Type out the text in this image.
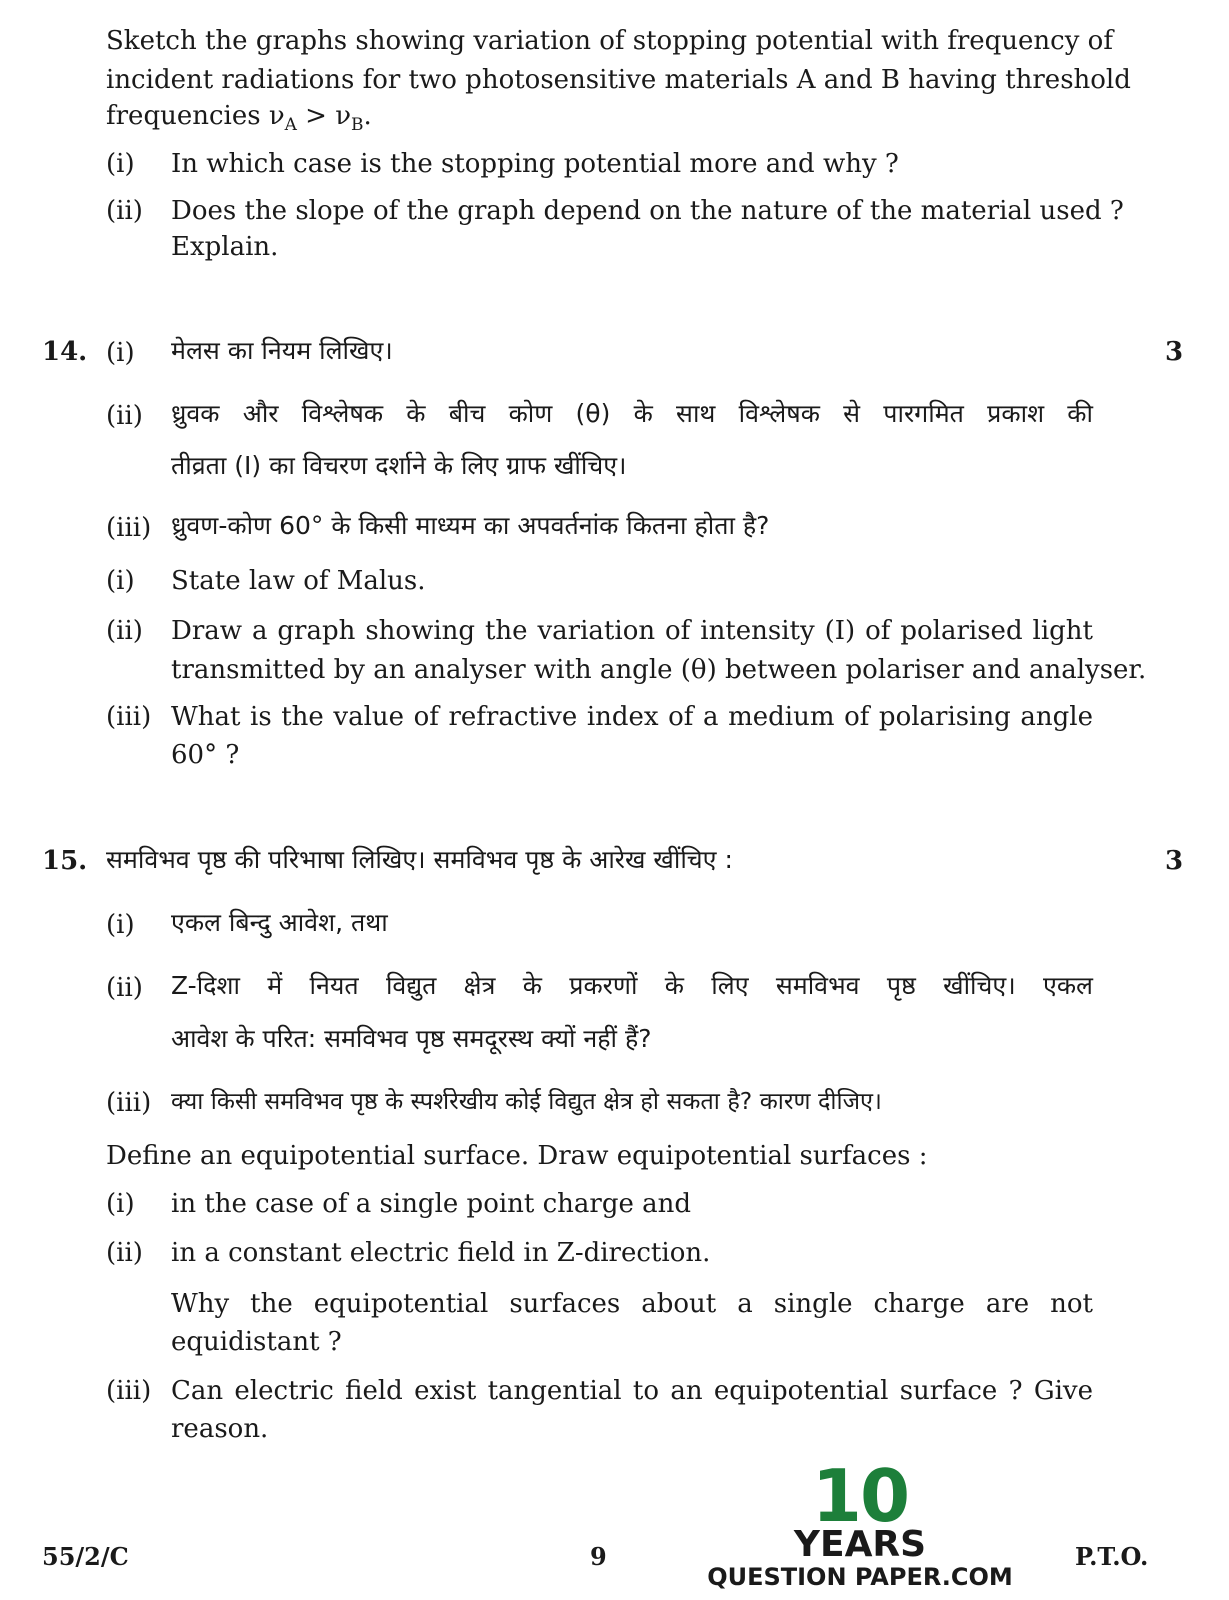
Sketch the graphs showing variation of stopping potential with frequency of
incident radiations for two photosensitive materials A and B having threshold
frequencies $\nu_A > \nu_B$.
(i) In which case is the stopping potential more and why ?
(ii) Does the slope of the graph depend on the nature of the material used ?
Explain.
14.	3
(i) मेलस का नियम लिखिए।
(ii) ध्रुवक और विश्लेषक के बीच कोण (θ) के साथ विश्लेषक से पारगमित प्रकाश की
तीव्रता (I) का विचरण दर्शाने के लिए ग्राफ खींचिए।
(iii) ध्रुवण-कोण 60° के किसी माध्यम का अपवर्तनांक कितना होता है?
(i) State law of Malus.
(ii) Draw a graph showing the variation of intensity (I) of polarised light
transmitted by an analyser with angle (θ) between polariser and analyser.
(iii) What is the value of refractive index of a medium of polarising angle
60° ?
15.	3
समविभव पृष्ठ की परिभाषा लिखिए। समविभव पृष्ठ के आरेख खींचिए :
(i) एकल बिन्दु आवेश, तथा
(ii) Z-दिशा में नियत विद्युत क्षेत्र के प्रकरणों के लिए समविभव पृष्ठ खींचिए। एकल
आवेश के परित: समविभव पृष्ठ समदूरस्थ क्यों नहीं हैं?
(iii) क्या किसी समविभव पृष्ठ के स्पर्शरेखीय कोई विद्युत क्षेत्र हो सकता है? कारण दीजिए।
Define an equipotential surface. Draw equipotential surfaces :
(i) in the case of a single point charge and
(ii) in a constant electric field in Z-direction.
Why the equipotential surfaces about a single charge are not
equidistant ?
(iii) Can electric field exist tangential to an equipotential surface ? Give
reason.
55/2/C	9	P.T.O.
10
YEARS
QUESTION PAPER.COM
